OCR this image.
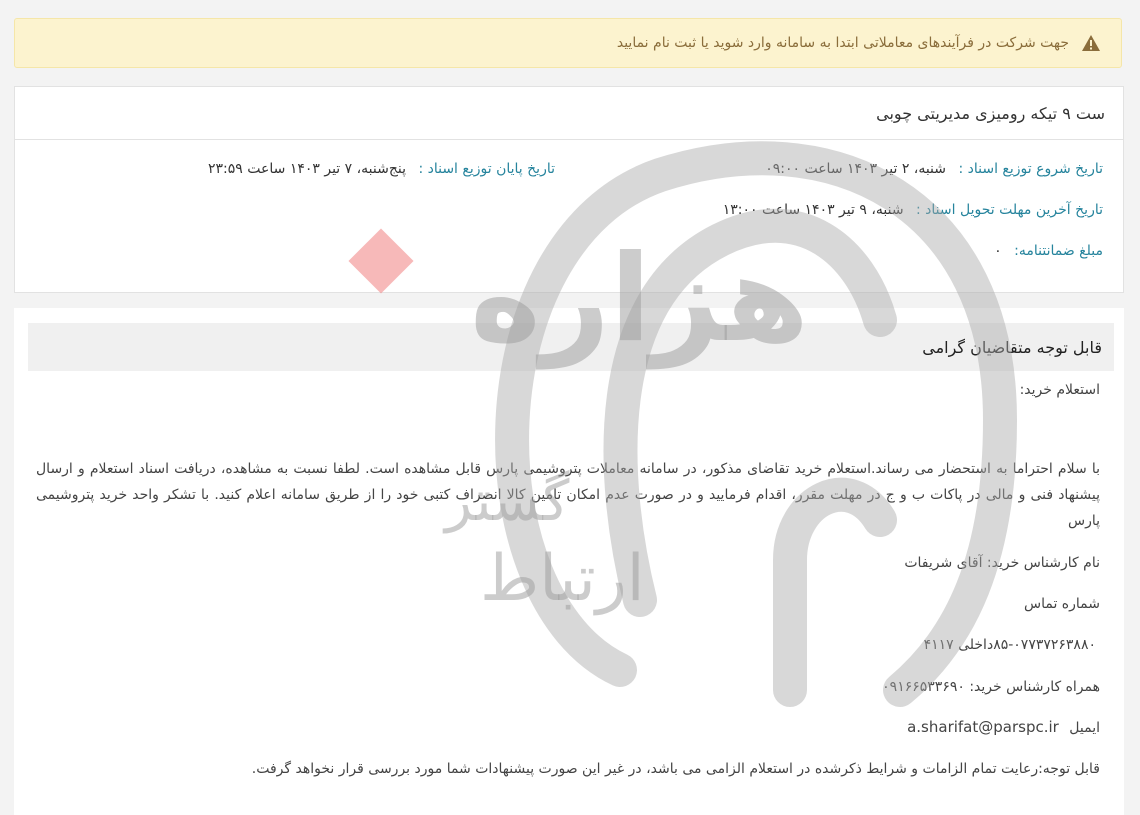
جهت شرکت در فرآیندهای معاملاتی ابتدا به سامانه وارد شوید یا ثبت نام نمایید
ست ۹ تیکه رومیزی مدیریتی چوبی
تاریخ شروع توزیع اسناد : شنبه، ۲ تیر ۱۴۰۳ ساعت ۰۹:۰۰
تاریخ پایان توزیع اسناد : پنج‌شنبه، ۷ تیر ۱۴۰۳ ساعت ۲۳:۵۹
تاریخ آخرین مهلت تحویل اسناد : شنبه، ۹ تیر ۱۴۰۳ ساعت ۱۳:۰۰
مبلغ ضمانتنامه: ۰
قابل توجه متقاضیان گرامی
استعلام خرید:
با سلام احتراما به استحضار می رساند.استعلام خرید تقاضای مذکور، در سامانه معاملات پتروشیمی پارس قابل مشاهده است. لطفا نسبت به مشاهده، دریافت اسناد استعلام و ارسال پیشنهاد فنی و مالی در پاکات ب و ج در مهلت مقرر، اقدام فرمایید و در صورت عدم امکان تامین کالا انصراف کتبی خود را از طریق سامانه اعلام کنید. با تشکر واحد خرید پتروشیمی پارس
نام کارشناس خرید: آقای شریفات
شماره تماس
۸۵-۰۷۷۳۷۲۶۳۸۸۰داخلی ۴۱۱۷
همراه کارشناس خرید: ۰۹۱۶۶۵۳۳۶۹۰
ایمیل a.sharifat@parspc.ir
قابل توجه:رعایت تمام الزامات و شرایط ذکرشده در استعلام الزامی می باشد، در غیر این صورت پیشنهادات شما مورد بررسی قرار نخواهد گرفت.
هزاره
گستر
ارتباط
